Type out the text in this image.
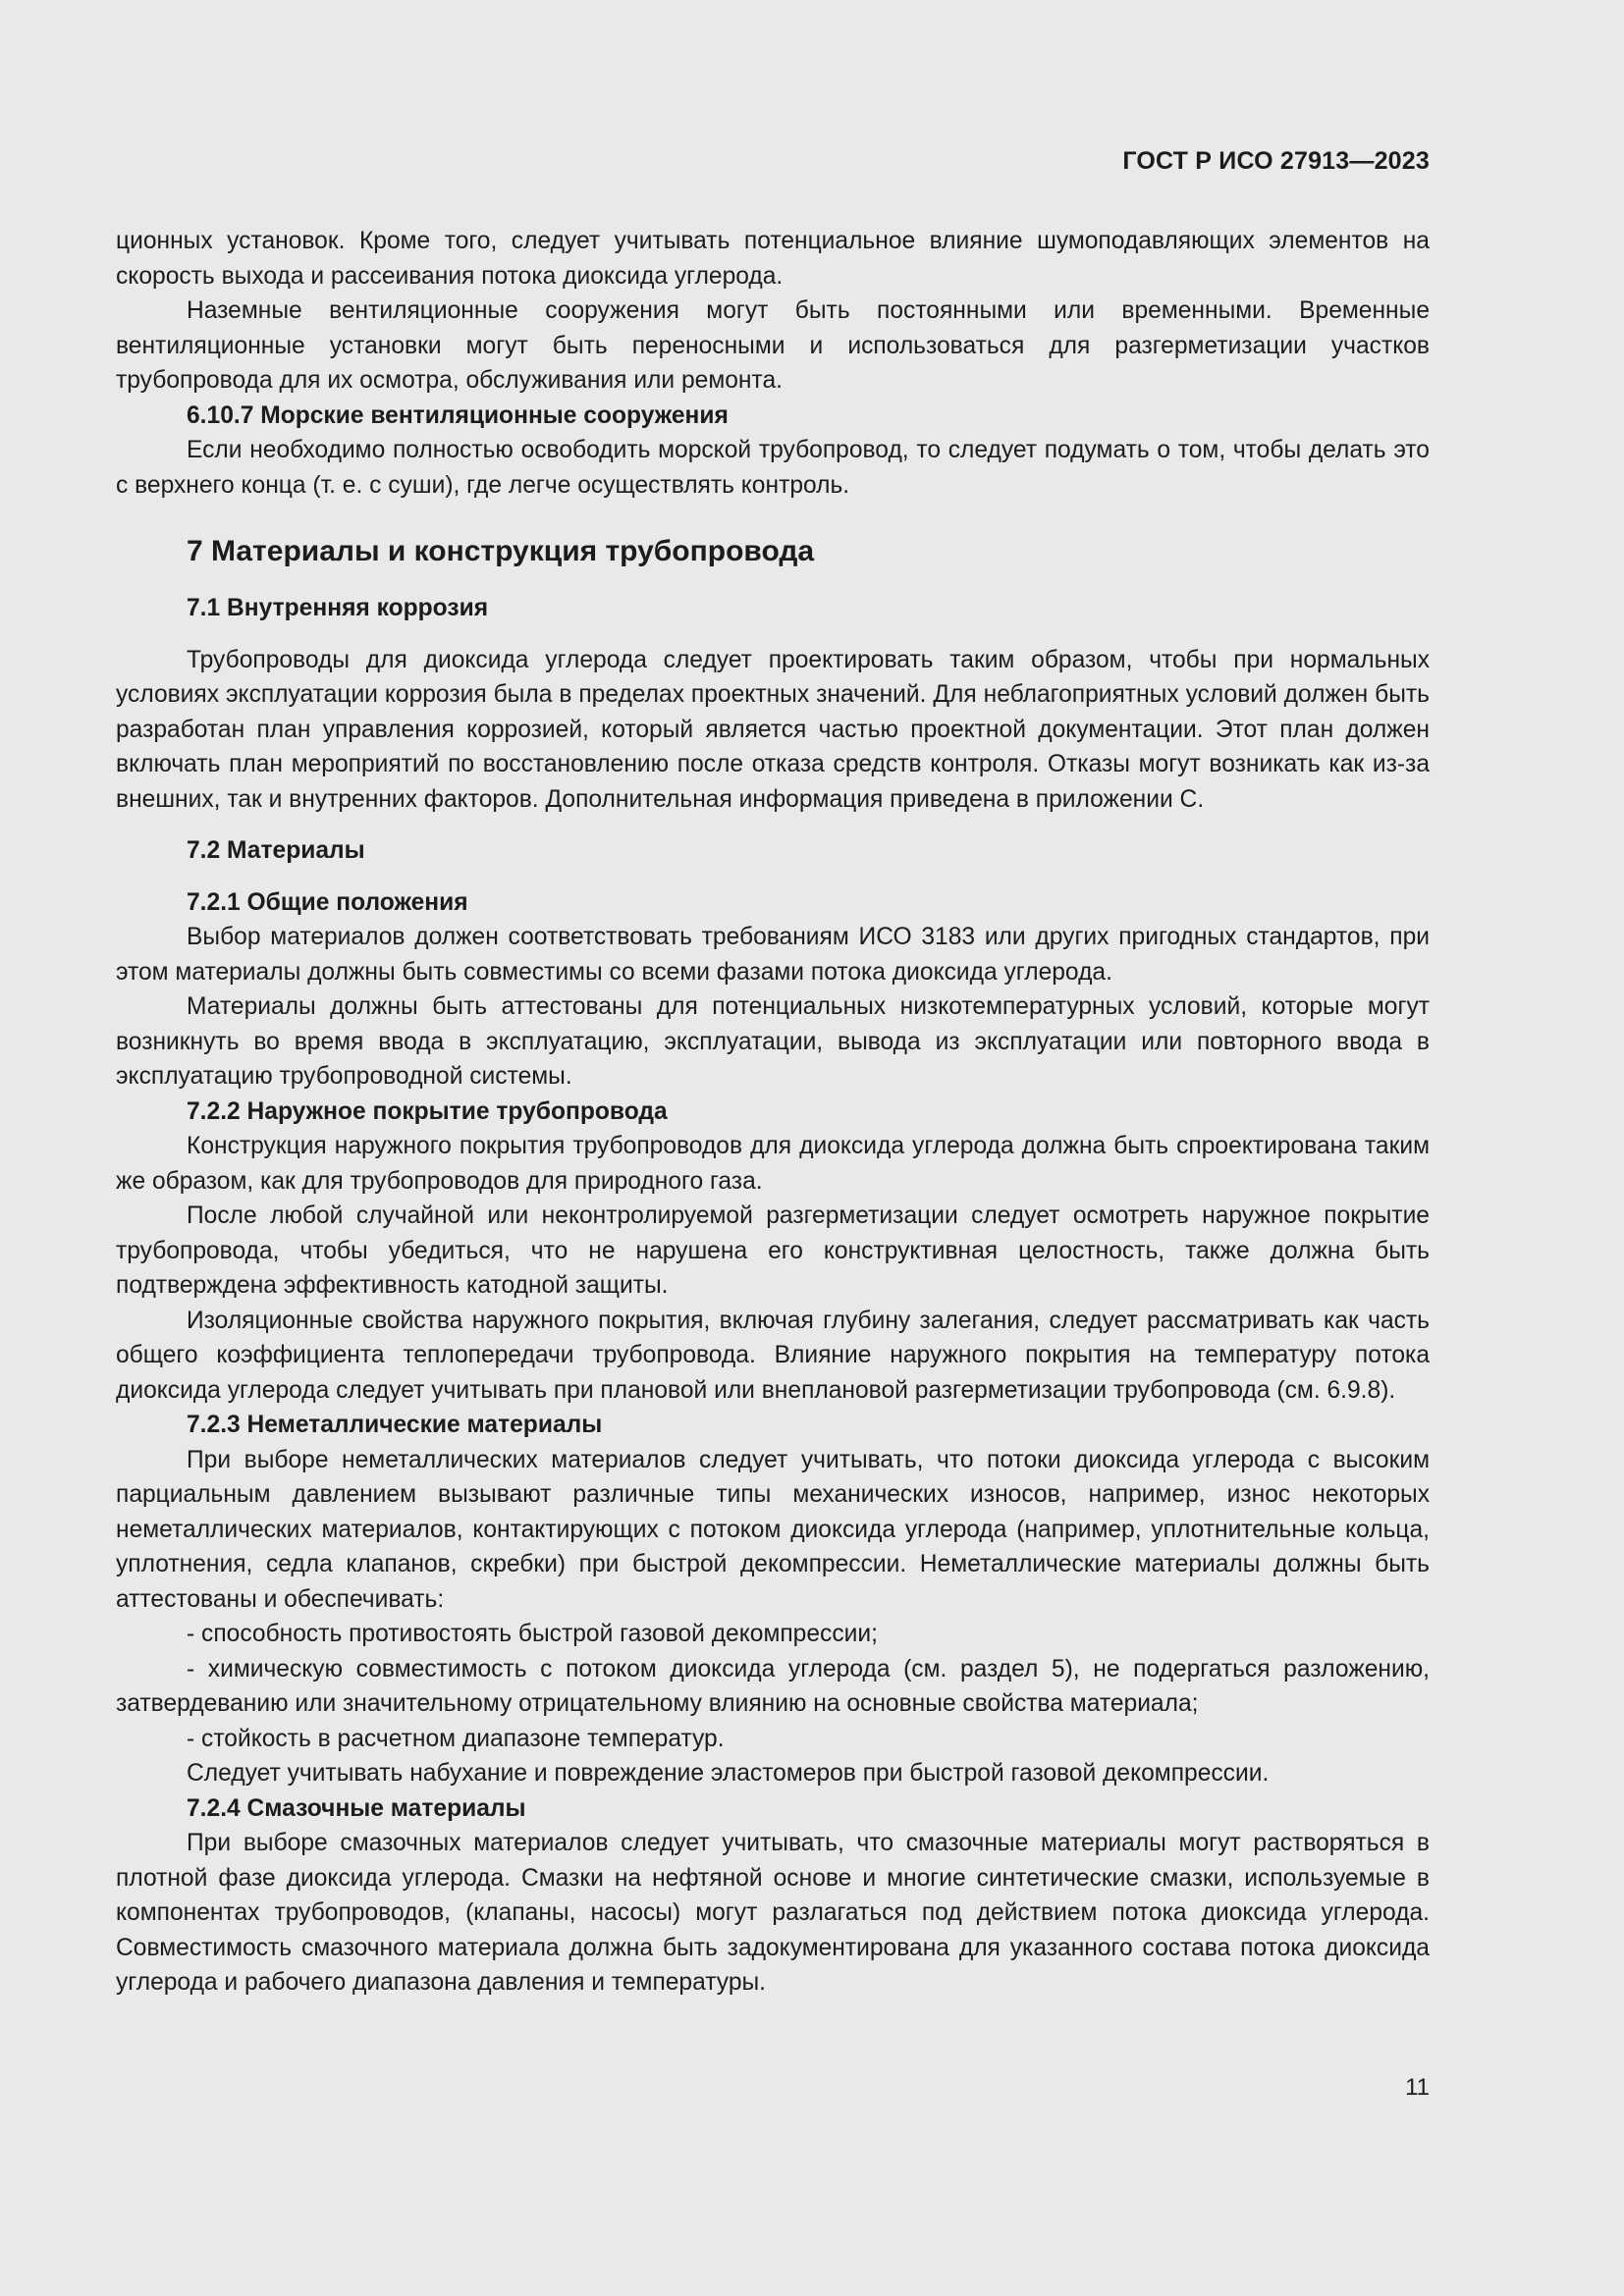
ГОСТ Р ИСО 27913—2023

ционных установок. Кроме того, следует учитывать потенциальное влияние шумоподавляющих элементов на скорость выхода и рассеивания потока диоксида углерода.

Наземные вентиляционные сооружения могут быть постоянными или временными. Временные вентиляционные установки могут быть переносными и использоваться для разгерметизации участков трубопровода для их осмотра, обслуживания или ремонта.

6.10.7 Морские вентиляционные сооружения

Если необходимо полностью освободить морской трубопровод, то следует подумать о том, чтобы делать это с верхнего конца (т. е. с суши), где легче осуществлять контроль.

7 Материалы и конструкция трубопровода
7.1 Внутренняя коррозия

Трубопроводы для диоксида углерода следует проектировать таким образом, чтобы при нормальных условиях эксплуатации коррозия была в пределах проектных значений. Для неблагоприятных условий должен быть разработан план управления коррозией, который является частью проектной документации. Этот план должен включать план мероприятий по восстановлению после отказа средств контроля. Отказы могут возникать как из-за внешних, так и внутренних факторов. Дополнительная информация приведена в приложении С.

7.2 Материалы
7.2.1 Общие положения

Выбор материалов должен соответствовать требованиям ИСО 3183 или других пригодных стандартов, при этом материалы должны быть совместимы со всеми фазами потока диоксида углерода.

Материалы должны быть аттестованы для потенциальных низкотемпературных условий, которые могут возникнуть во время ввода в эксплуатацию, эксплуатации, вывода из эксплуатации или повторного ввода в эксплуатацию трубопроводной системы.

7.2.2 Наружное покрытие трубопровода

Конструкция наружного покрытия трубопроводов для диоксида углерода должна быть спроектирована таким же образом, как для трубопроводов для природного газа.

После любой случайной или неконтролируемой разгерметизации следует осмотреть наружное покрытие трубопровода, чтобы убедиться, что не нарушена его конструктивная целостность, также должна быть подтверждена эффективность катодной защиты.

Изоляционные свойства наружного покрытия, включая глубину залегания, следует рассматривать как часть общего коэффициента теплопередачи трубопровода. Влияние наружного покрытия на температуру потока диоксида углерода следует учитывать при плановой или внеплановой разгерметизации трубопровода (см. 6.9.8).

7.2.3 Неметаллические материалы

При выборе неметаллических материалов следует учитывать, что потоки диоксида углерода с высоким парциальным давлением вызывают различные типы механических износов, например, износ некоторых неметаллических материалов, контактирующих с потоком диоксида углерода (например, уплотнительные кольца, уплотнения, седла клапанов, скребки) при быстрой декомпрессии. Неметаллические материалы должны быть аттестованы и обеспечивать:

- способность противостоять быстрой газовой декомпрессии;

- химическую совместимость с потоком диоксида углерода (см. раздел 5), не подергаться разложению, затвердеванию или значительному отрицательному влиянию на основные свойства материала;

- стойкость в расчетном диапазоне температур.

Следует учитывать набухание и повреждение эластомеров при быстрой газовой декомпрессии.

7.2.4 Смазочные материалы

При выборе смазочных материалов следует учитывать, что смазочные материалы могут растворяться в плотной фазе диоксида углерода. Смазки на нефтяной основе и многие синтетические смазки, используемые в компонентах трубопроводов, (клапаны, насосы) могут разлагаться под действием потока диоксида углерода. Совместимость смазочного материала должна быть задокументирована для указанного состава потока диоксида углерода и рабочего диапазона давления и температуры.

11
